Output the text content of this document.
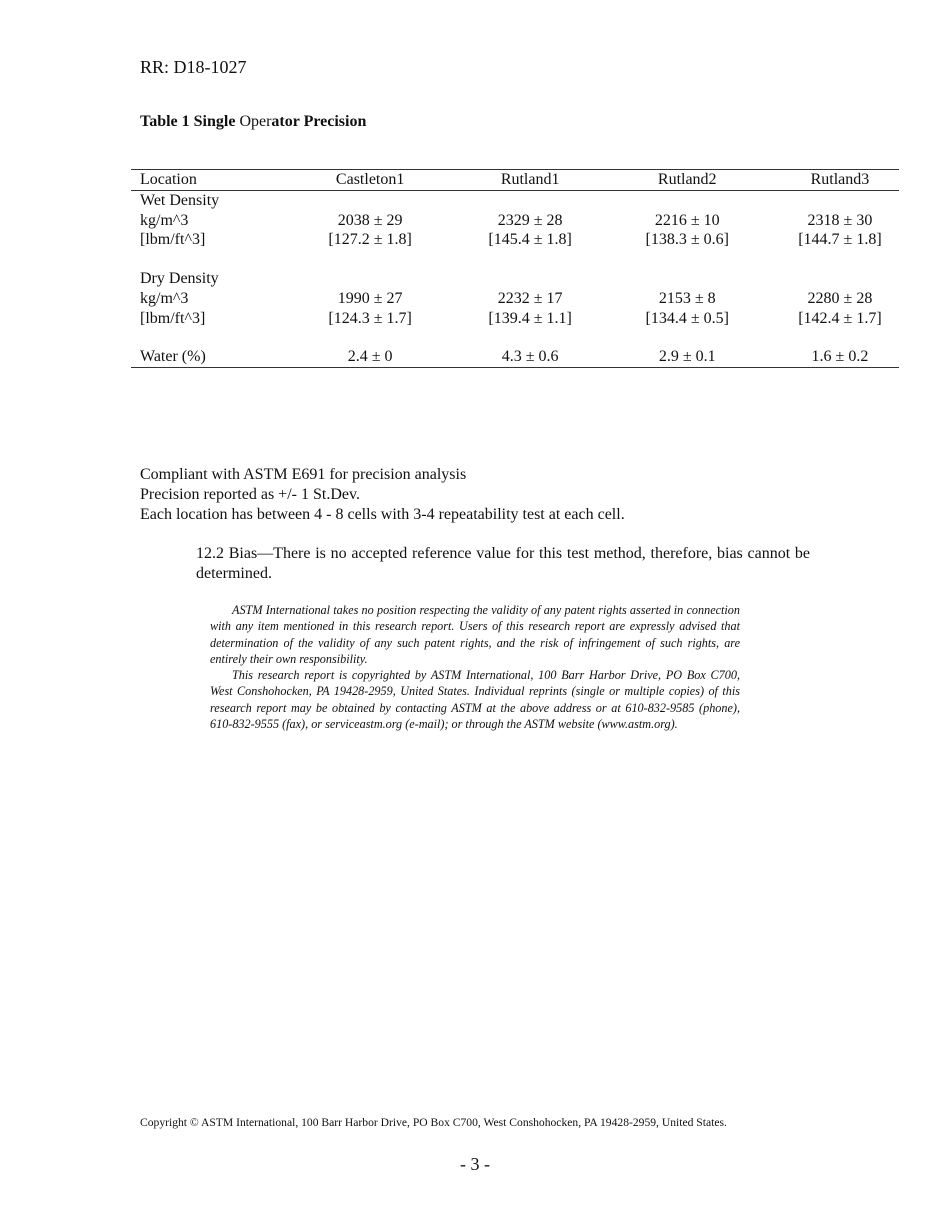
RR: D18-1027
Table 1 Single Operator Precision
Location	Castleton1	Rutland1	Rutland2	Rutland3
Wet Density				
kg/m^3	2038 ± 29	2329 ± 28	2216 ± 10	2318 ± 30
[lbm/ft^3]	[127.2 ± 1.8]	[145.4 ± 1.8]	[138.3 ± 0.6]	[144.7 ± 1.8]

Dry Density				
kg/m^3	1990 ± 27	2232 ± 17	2153 ± 8	2280 ± 28
[lbm/ft^3]	[124.3 ± 1.7]	[139.4 ± 1.1]	[134.4 ± 0.5]	[142.4 ± 1.7]

Water (%)	2.4 ± 0	4.3 ± 0.6	2.9 ± 0.1	1.6 ± 0.2
Compliant with ASTM E691 for precision analysis
Precision reported as +/- 1 St.Dev.
Each location has between 4 - 8 cells with 3-4 repeatability test at each cell.
12.2 Bias—There is no accepted reference value for this test method, therefore, bias cannot be determined.

ASTM International takes no position respecting the validity of any patent rights asserted in connection with any item mentioned in this research report. Users of this research report are expressly advised that determination of the validity of any such patent rights, and the risk of infringement of such rights, are entirely their own responsibility.

This research report is copyrighted by ASTM International, 100 Barr Harbor Drive, PO Box C700, West Conshohocken, PA 19428-2959, United States. Individual reprints (single or multiple copies) of this research report may be obtained by contacting ASTM at the above address or at 610-832-9585 (phone), 610-832-9555 (fax), or serviceastm.org (e-mail); or through the ASTM website (www.astm.org).

Copyright © ASTM International, 100 Barr Harbor Drive, PO Box C700, West Conshohocken, PA 19428-2959, United States.
- 3 -
